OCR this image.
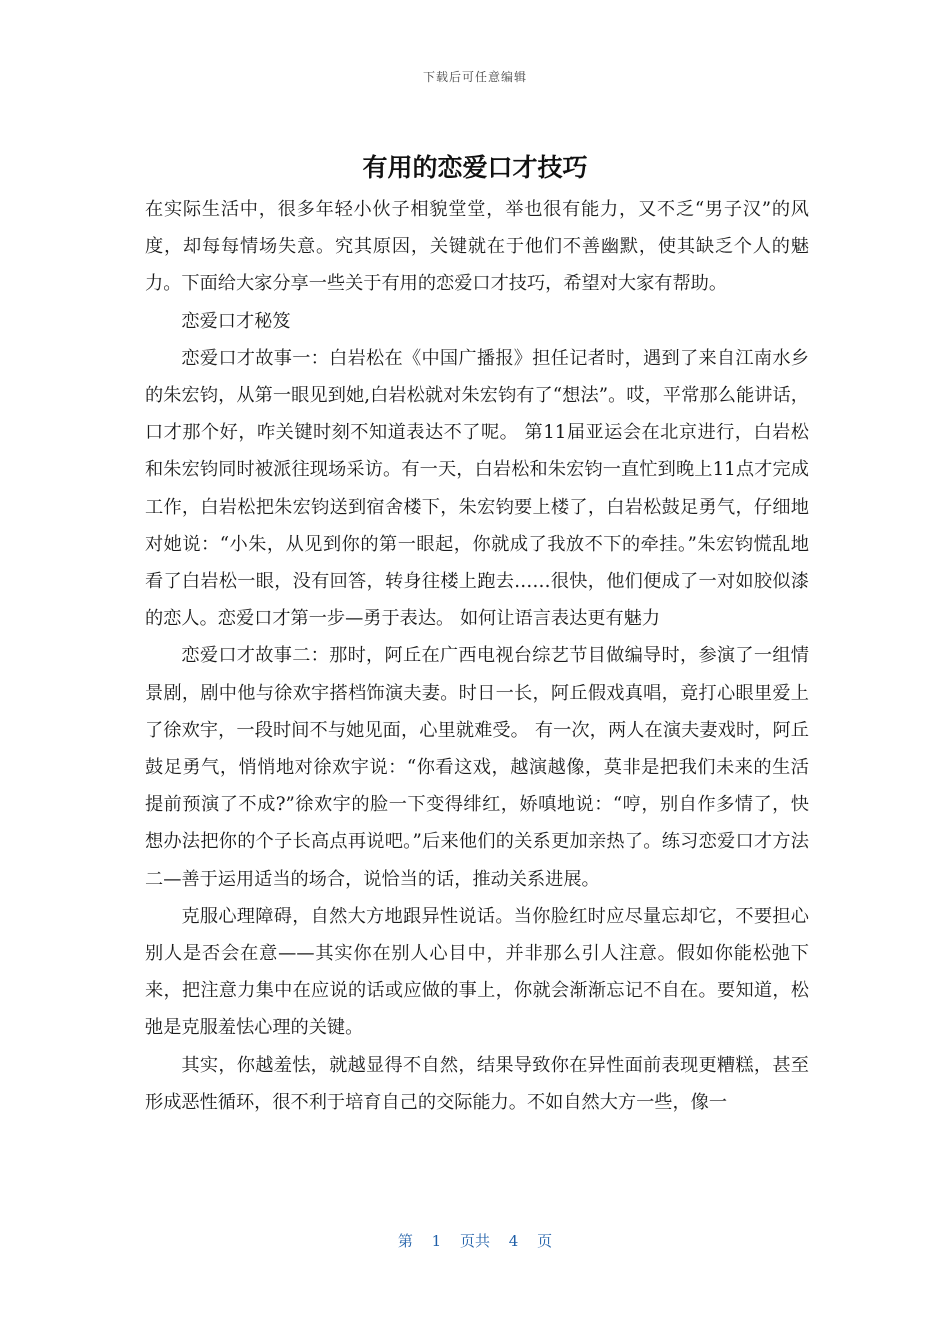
下载后可任意编辑
有用的恋爱口才技巧

在实际生活中，很多年轻小伙子相貌堂堂，举也很有能力，又不乏“男子汉”的风度，却每每情场失意。究其原因，关键就在于他们不善幽默，使其缺乏个人的魅力。下面给大家分享一些关于有用的恋爱口才技巧，希望对大家有帮助。

恋爱口才秘笈

恋爱口才故事一：白岩松在《中国广播报》担任记者时，遇到了来自江南水乡的朱宏钧，从第一眼见到她,白岩松就对朱宏钧有了“想法”。哎，平常那么能讲话，口才那个好，咋关键时刻不知道表达不了呢。 第11届亚运会在北京进行，白岩松和朱宏钧同时被派往现场采访。有一天，白岩松和朱宏钧一直忙到晚上11点才完成工作，白岩松把朱宏钧送到宿舍楼下，朱宏钧要上楼了，白岩松鼓足勇气，仔细地对她说：“小朱，从见到你的第一眼起，你就成了我放不下的牵挂。”朱宏钧慌乱地看了白岩松一眼，没有回答，转身往楼上跑去……很快，他们便成了一对如胶似漆的恋人。恋爱口才第一步—勇于表达。 如何让语言表达更有魅力

恋爱口才故事二：那时，阿丘在广西电视台综艺节目做编导时，参演了一组情景剧，剧中他与徐欢宇搭档饰演夫妻。时日一长，阿丘假戏真唱，竟打心眼里爱上了徐欢宇，一段时间不与她见面，心里就难受。 有一次，两人在演夫妻戏时，阿丘鼓足勇气，悄悄地对徐欢宇说：“你看这戏，越演越像，莫非是把我们未来的生活提前预演了不成?”徐欢宇的脸一下变得绯红，娇嗔地说：“哼，别自作多情了，快想办法把你的个子长高点再说吧。”后来他们的关系更加亲热了。练习恋爱口才方法二—善于运用适当的场合，说恰当的话，推动关系进展。

克服心理障碍，自然大方地跟异性说话。当你脸红时应尽量忘却它，不要担心别人是否会在意——其实你在别人心目中，并非那么引人注意。假如你能松弛下来，把注意力集中在应说的话或应做的事上，你就会渐渐忘记不自在。要知道，松弛是克服羞怯心理的关键。

其实，你越羞怯，就越显得不自然，结果导致你在异性面前表现更糟糕，甚至形成恶性循环，很不利于培育自己的交际能力。不如自然大方一些，像一

第 1 页共 4 页
